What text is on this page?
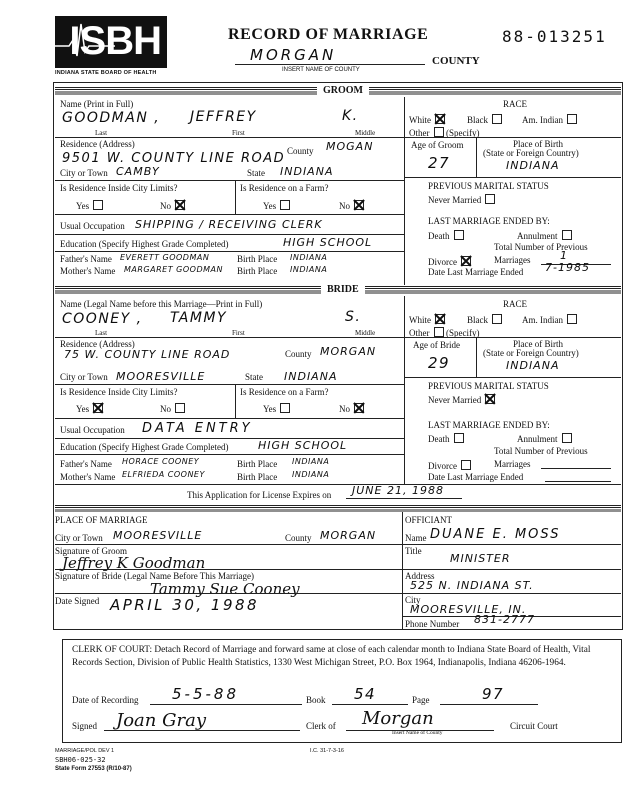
ISBH
INDIANA STATE BOARD OF HEALTH
RECORD OF MARRIAGE	88-013251
MORGAN	COUNTY
INSERT NAME OF COUNTY
GROOM
Name (Print in Full)
GOODMAN , JEFFREY	K.
Last	First	Middle
Residence (Address)
9501 W. COUNTY LINE ROAD County MOGAN
City or Town CAMBY	State INDIANA
Is Residence Inside City Limits?	Is Residence on a Farm?
Yes	No	Yes	No
Usual Occupation SHIPPING / RECEIVING CLERK
Education (Specify Highest Grade Completed)	HIGH SCHOOL
Father's Name EVERETT GOODMAN	Birth Place INDIANA
Mother's Name MARGARET GOODMAN Birth Place INDIANA
RACE
White	Black	Am. Indian
Other (Specify)
Age of Groom
27
Place of Birth
(State or Foreign Country)
INDIANA
PREVIOUS MARITAL STATUS
Never Married
LAST MARRIAGE ENDED BY:
Death	Annulment
Total Number of Previous
Divorce	Marriages	1
Date Last Marriage Ended 7-1985
BRIDE
Name (Legal Name before this Marriage—Print in Full)
COONEY , TAMMY	S.
Last	First	Middle
Residence (Address)
75 W. COUNTY LINE ROAD	County MORGAN
City or Town MOORESVILLE	State INDIANA
Is Residence Inside City Limits?	Is Residence on a Farm?
Yes	No	Yes	No
Usual Occupation DATA ENTRY
Education (Specify Highest Grade Completed)	HIGH SCHOOL
Father's Name HORACE COONEY	Birth Place INDIANA
Mother's Name ELFRIEDA COONEY	Birth Place INDIANA
RACE
White	Black	Am. Indian
Other (Specify)
Age of Bride
29
Place of Birth
(State or Foreign Country)
INDIANA
PREVIOUS MARITAL STATUS
Never Married
LAST MARRIAGE ENDED BY:
Death	Annulment
Total Number of Previous
Divorce	Marriages
Date Last Marriage Ended
This Application for License Expires on JUNE 21, 1988
PLACE OF MARRIAGE
City or Town MOORESVILLE	County MORGAN
Signature of Groom
Jeffrey K Goodman
Signature of Bride (Legal Name Before This Marriage)
Tammy Sue Cooney
Date Signed APRIL 30, 1988
OFFICIANT
Name DUANE E. MOSS
Title
MINISTER
Address
525 N. INDIANA ST.
City
MOORESVILLE, IN.
Phone Number 831-2777
CLERK OF COURT: Detach Record of Marriage and forward same at close of each calendar month to Indiana State Board of Health, Vital Records Section, Division of Public Health Statistics, 1330 West Michigan Street, P.O. Box 1964, Indianapolis, Indiana 46206-1964.
Date of Recording 5-5-88	Book 54	Page	97
Signed Joan Gray	Clerk of Morgan
Insert Name of County
Circuit Court
MARRIAGE/POL DEV 1
SBH06-025-32
State Form 27553 (R/10-87)
I.C. 31-7-3-16
